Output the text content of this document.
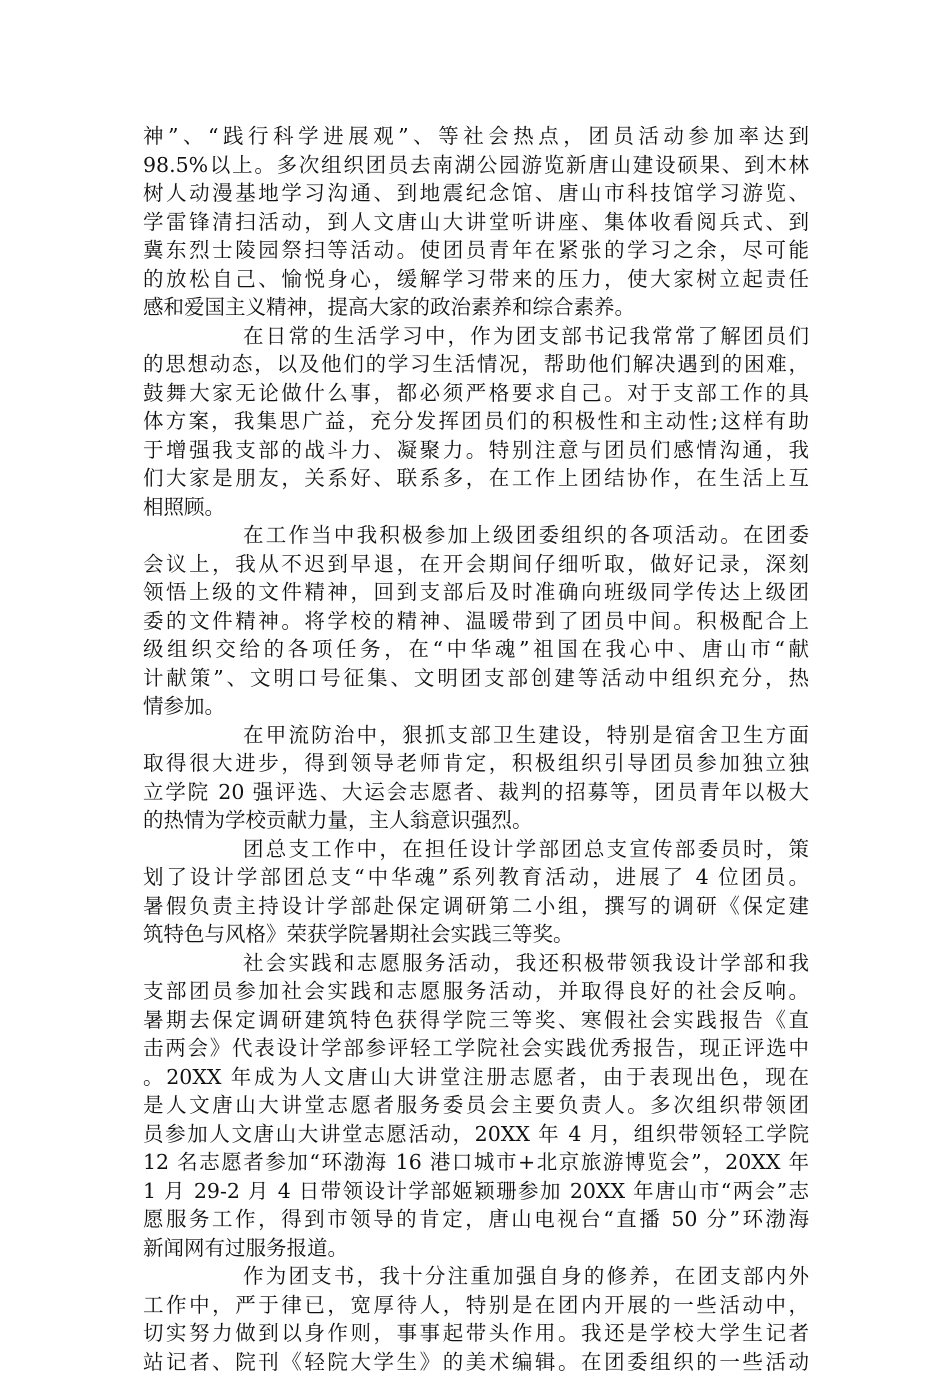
神”、“践行科学进展观”、等社会热点，团员活动参加率达到
98.5%以上。多次组织团员去南湖公园游览新唐山建设硕果、到木林
树人动漫基地学习沟通、到地震纪念馆、唐山市科技馆学习游览、
学雷锋清扫活动，到人文唐山大讲堂听讲座、集体收看阅兵式、到
冀东烈士陵园祭扫等活动。使团员青年在紧张的学习之余，尽可能
的放松自己、愉悦身心，缓解学习带来的压力，使大家树立起责任
感和爱国主义精神，提高大家的政治素养和综合素养。
在日常的生活学习中，作为团支部书记我常常了解团员们
的思想动态，以及他们的学习生活情况，帮助他们解决遇到的困难，
鼓舞大家无论做什么事，都必须严格要求自己。对于支部工作的具
体方案，我集思广益，充分发挥团员们的积极性和主动性;这样有助
于增强我支部的战斗力、凝聚力。特别注意与团员们感情沟通，我
们大家是朋友，关系好、联系多，在工作上团结协作，在生活上互
相照顾。
在工作当中我积极参加上级团委组织的各项活动。在团委
会议上，我从不迟到早退，在开会期间仔细听取，做好记录，深刻
领悟上级的文件精神，回到支部后及时准确向班级同学传达上级团
委的文件精神。将学校的精神、温暖带到了团员中间。积极配合上
级组织交给的各项任务，在“中华魂”祖国在我心中、唐山市“献
计献策”、文明口号征集、文明团支部创建等活动中组织充分，热
情参加。
在甲流防治中，狠抓支部卫生建设，特别是宿舍卫生方面
取得很大进步，得到领导老师肯定，积极组织引导团员参加独立独
立学院 20 强评选、大运会志愿者、裁判的招募等，团员青年以极大
的热情为学校贡献力量，主人翁意识强烈。
团总支工作中，在担任设计学部团总支宣传部委员时，策
划了设计学部团总支“中华魂”系列教育活动，进展了 4 位团员。
暑假负责主持设计学部赴保定调研第二小组，撰写的调研《保定建
筑特色与风格》荣获学院暑期社会实践三等奖。
社会实践和志愿服务活动，我还积极带领我设计学部和我
支部团员参加社会实践和志愿服务活动，并取得良好的社会反响。
暑期去保定调研建筑特色获得学院三等奖、寒假社会实践报告《直
击两会》代表设计学部参评轻工学院社会实践优秀报告，现正评选中
。20XX 年成为人文唐山大讲堂注册志愿者，由于表现出色，现在
是人文唐山大讲堂志愿者服务委员会主要负责人。多次组织带领团
员参加人文唐山大讲堂志愿活动，20XX 年 4 月，组织带领轻工学院
12 名志愿者参加“环渤海 16 港口城市+北京旅游博览会”，20XX 年
1 月 29-2 月 4 日带领设计学部姬颖珊参加 20XX 年唐山市“两会”志
愿服务工作，得到市领导的肯定，唐山电视台“直播 50 分”环渤海
新闻网有过服务报道。
作为团支书，我十分注重加强自身的修养，在团支部内外
工作中，严于律已，宽厚待人，特别是在团内开展的一些活动中，
切实努力做到以身作则，事事起带头作用。我还是学校大学生记者
站记者、院刊《轻院大学生》的美术编辑。在团委组织的一些活动
